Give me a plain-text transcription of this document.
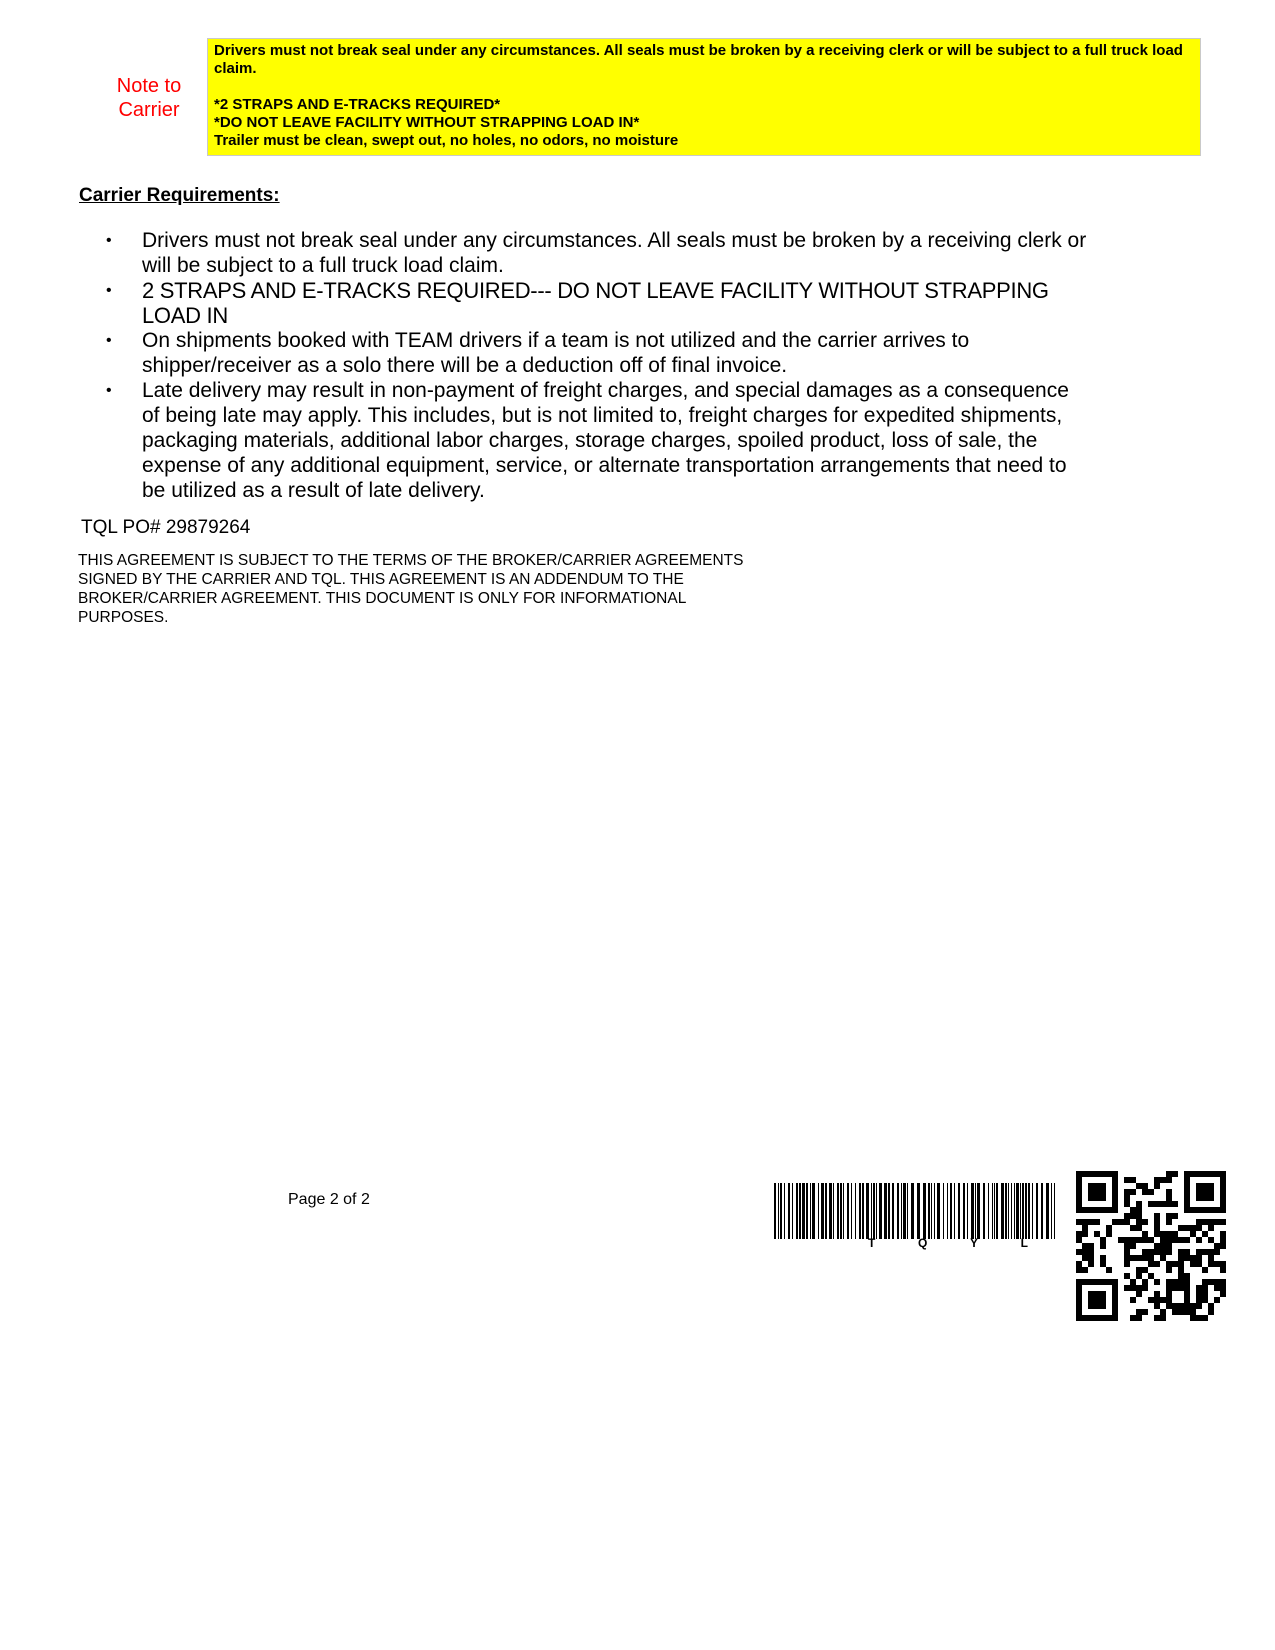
Note to
Carrier
Drivers must not break seal under any circumstances. All seals must be broken by a receiving clerk or will be subject to a full truck load claim.
*2 STRAPS AND E-TRACKS REQUIRED*
*DO NOT LEAVE FACILITY WITHOUT STRAPPING LOAD IN*
Trailer must be clean, swept out, no holes, no odors, no moisture
Carrier Requirements:
• Drivers must not break seal under any circumstances. All seals must be broken by a receiving clerk or will be subject to a full truck load claim.
• 2 STRAPS AND E-TRACKS REQUIRED--- DO NOT LEAVE FACILITY WITHOUT STRAPPING LOAD IN
• On shipments booked with TEAM drivers if a team is not utilized and the carrier arrives to shipper/receiver as a solo there will be a deduction off of final invoice.
• Late delivery may result in non-payment of freight charges, and special damages as a consequence of being late may apply. This includes, but is not limited to, freight charges for expedited shipments, packaging materials, additional labor charges, storage charges, spoiled product, loss of sale, the expense of any additional equipment, service, or alternate transportation arrangements that need to be utilized as a result of late delivery.
TQL PO# 29879264
THIS AGREEMENT IS SUBJECT TO THE TERMS OF THE BROKER/CARRIER AGREEMENTS SIGNED BY THE CARRIER AND TQL. THIS AGREEMENT IS AN ADDENDUM TO THE BROKER/CARRIER AGREEMENT. THIS DOCUMENT IS ONLY FOR INFORMATIONAL PURPOSES.
Page 2 of 2
T	Q	Y	L
